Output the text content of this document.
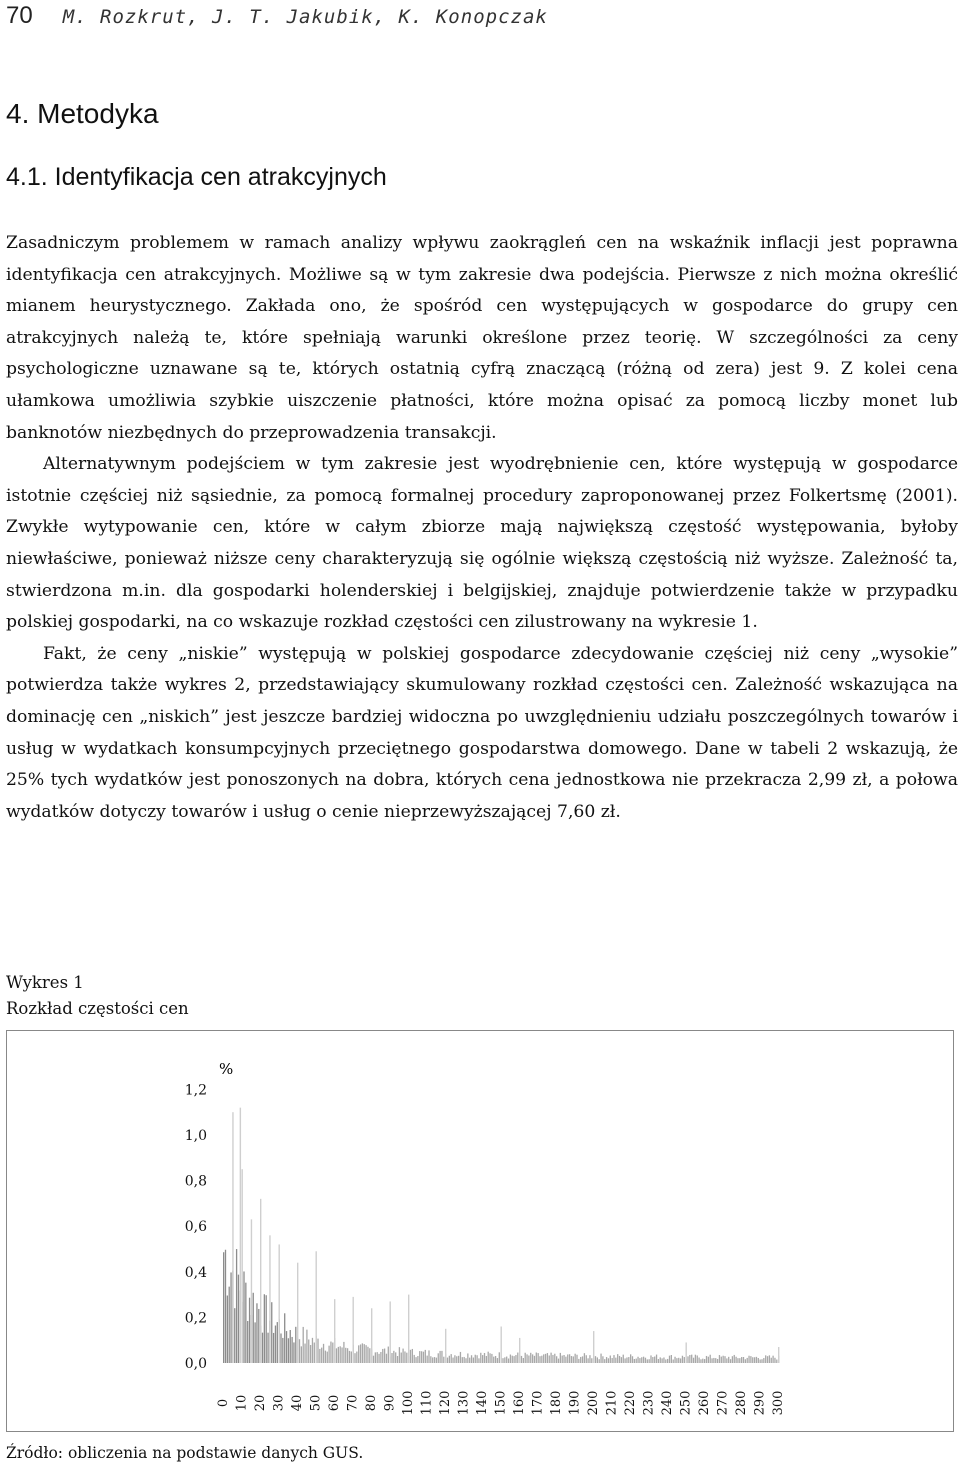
70 M. Rozkrut, J. T. Jakubik, K. Konopczak
4. Metodyka
4.1. Identyfikacja cen atrakcyjnych

Zasadniczym problemem w ramach analizy wpływu zaokrągleń cen na wskaźnik inflacji jest poprawna identyfikacja cen atrakcyjnych. Możliwe są w tym zakresie dwa podejścia. Pierwsze z nich można określić mianem heurystycznego. Zakłada ono, że spośród cen występujących w gospodarce do grupy cen atrakcyjnych należą te, które spełniają warunki określone przez teorię. W szczególności za ceny psychologiczne uznawane są te, których ostatnią cyfrą znaczącą (różną od zera) jest 9. Z kolei cena ułamkowa umożliwia szybkie uiszczenie płatności, które można opisać za pomocą liczby monet lub banknotów niezbędnych do przeprowadzenia transakcji.

Alternatywnym podejściem w tym zakresie jest wyodrębnienie cen, które występują w gospodarce istotnie częściej niż sąsiednie, za pomocą formalnej procedury zaproponowanej przez Folkertsmę (2001). Zwykłe wytypowanie cen, które w całym zbiorze mają największą częstość występowania, byłoby niewłaściwe, ponieważ niższe ceny charakteryzują się ogólnie większą częstością niż wyższe. Zależność ta, stwierdzona m.in. dla gospodarki holenderskiej i belgijskiej, znajduje potwierdzenie także w przypadku polskiej gospodarki, na co wskazuje rozkład częstości cen zilustrowany na wykresie 1.

Fakt, że ceny „niskie” występują w polskiej gospodarce zdecydowanie częściej niż ceny „wysokie” potwierdza także wykres 2, przedstawiający skumulowany rozkład częstości cen. Zależność wskazująca na dominację cen „niskich” jest jeszcze bardziej widoczna po uwzględnieniu udziału poszczególnych towarów i usług w wydatkach konsumpcyjnych przeciętnego gospodarstwa domowego. Dane w tabeli 2 wskazują, że 25% tych wydatków jest ponoszonych na dobra, których cena jednostkowa nie przekracza 2,99 zł, a połowa wydatków dotyczy towarów i usług o cenie nieprzewyższającej 7,60 zł.

Wykres 1
Rozkład częstości cen
%
0,0
0,2
0,4
0,6
0,8
1,0
1,2
0 10 20 30 40 50 60 70 80 90 100 110 120 130 140 150 160 170 180 190 200 210 220 230 240 250 260 270 280 290 300
Źródło: obliczenia na podstawie danych GUS.
